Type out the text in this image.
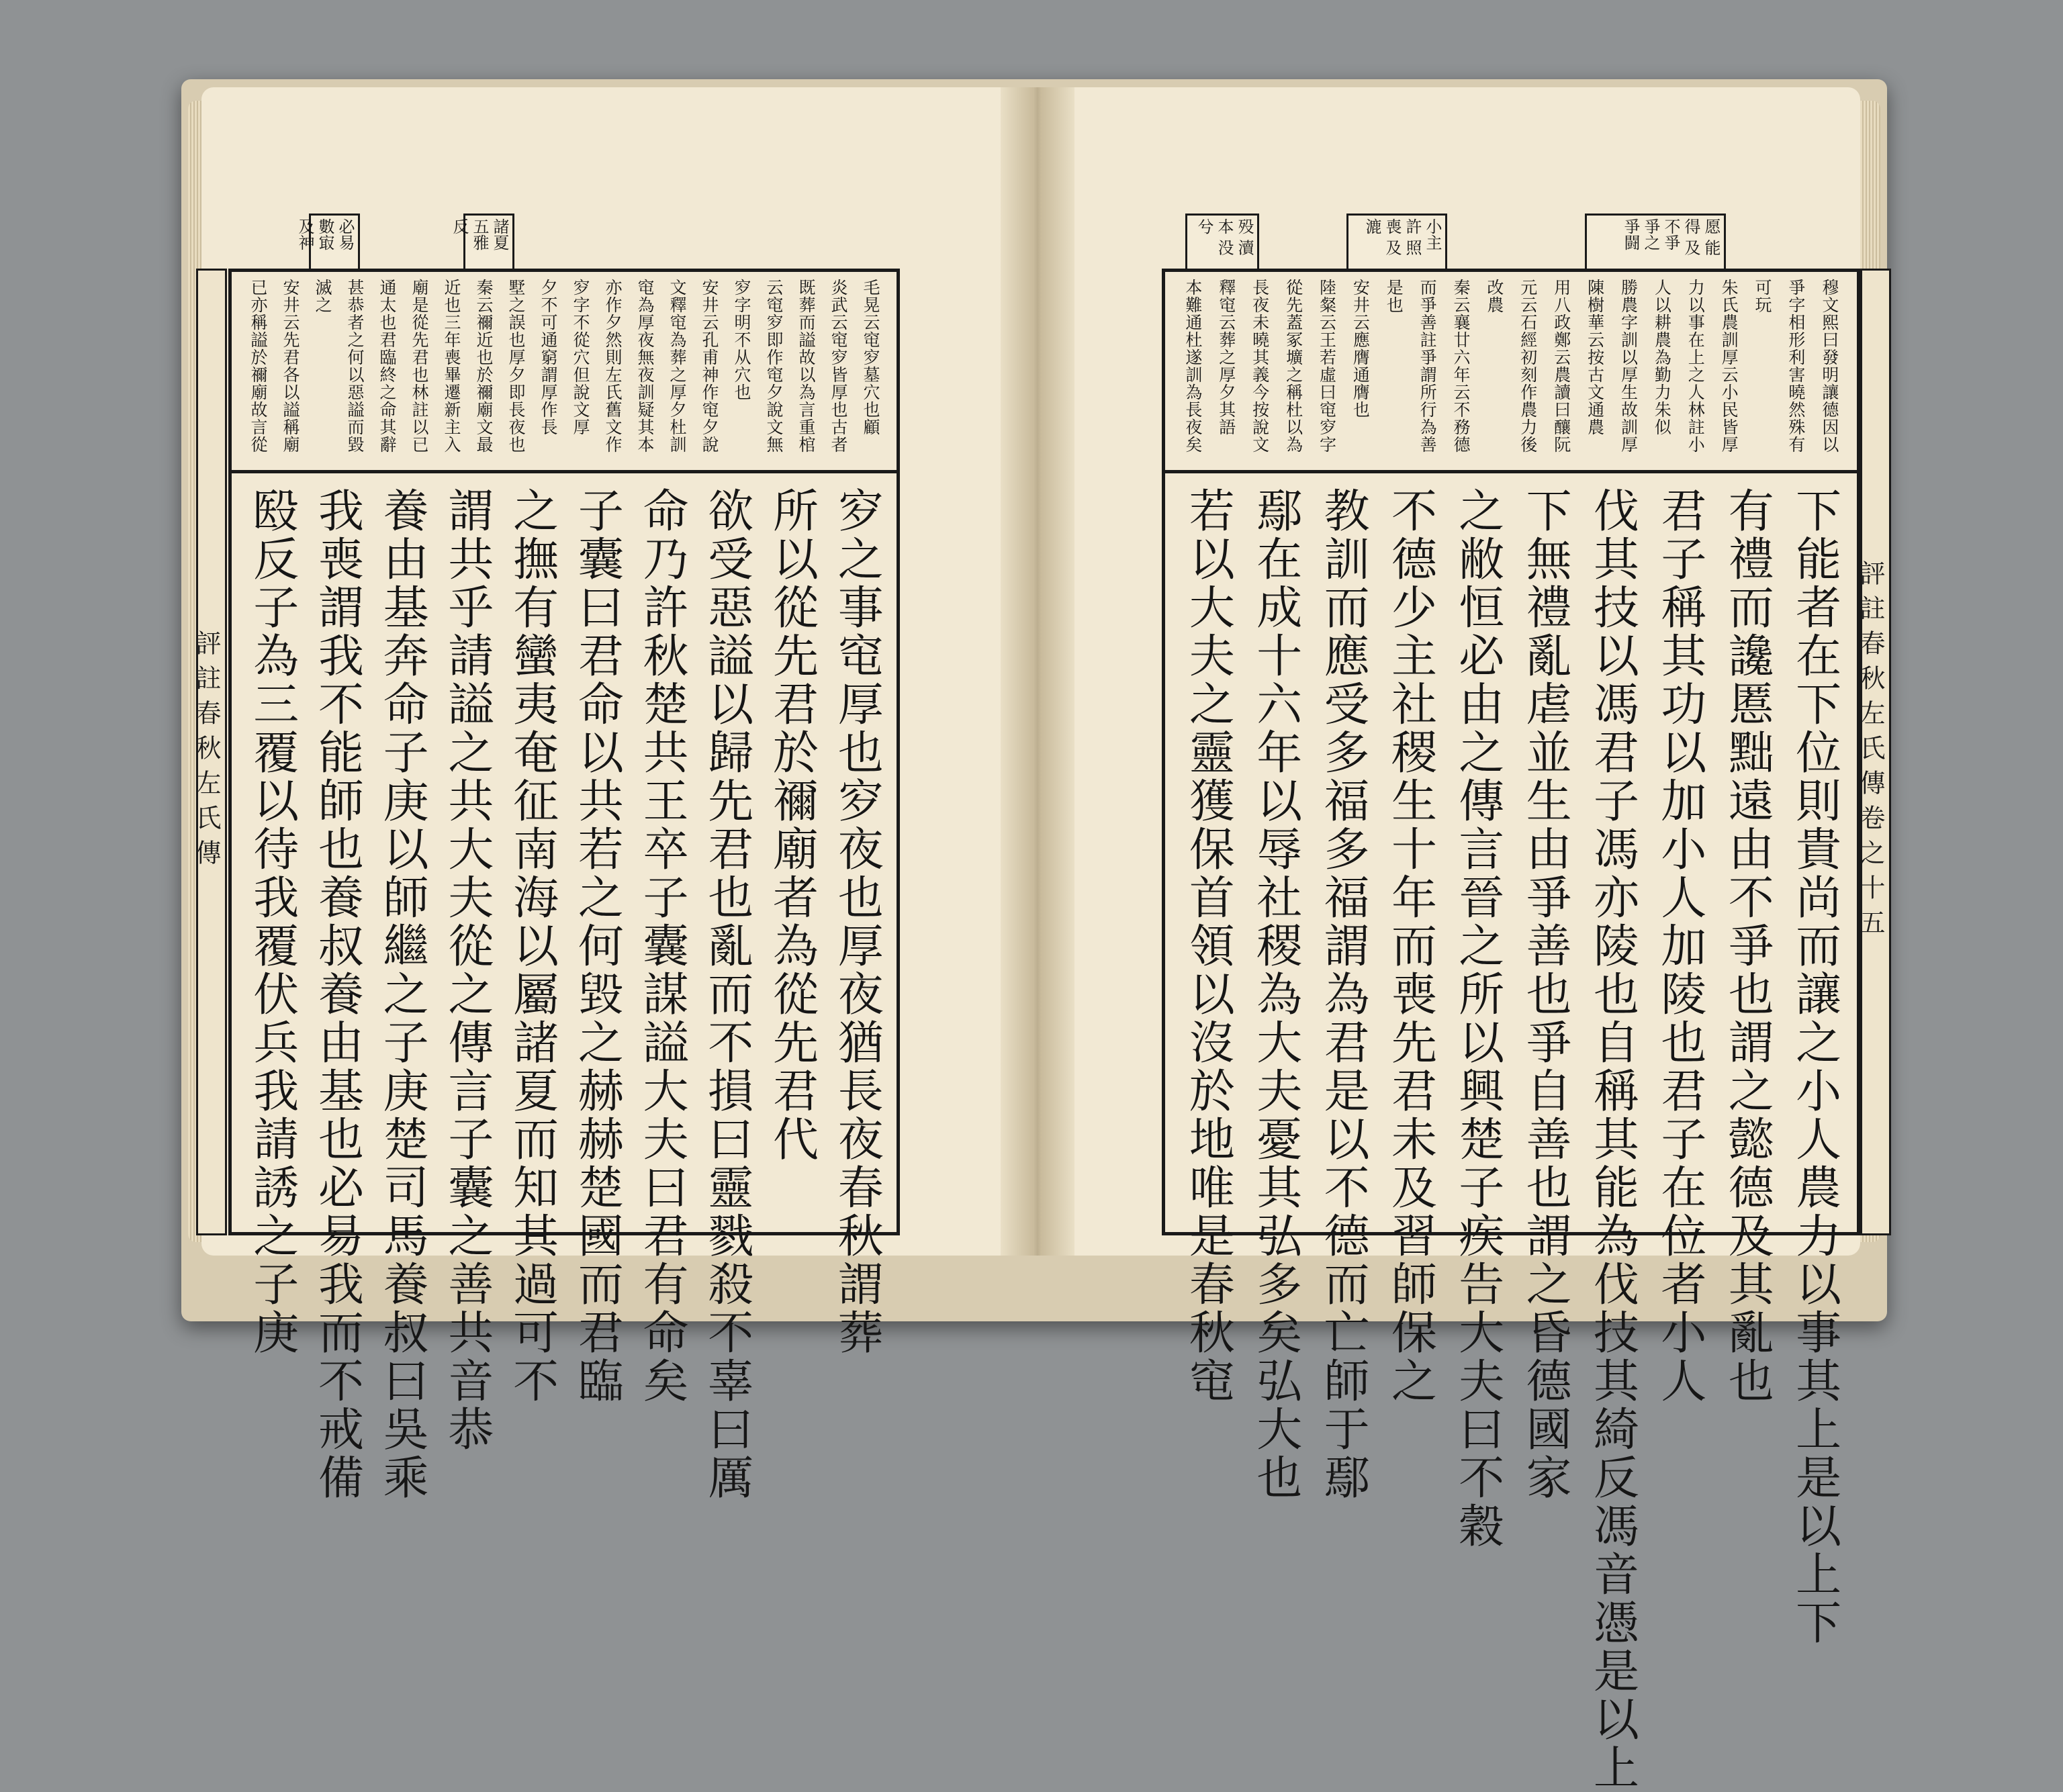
評註春秋左氏傳
諸夏 五雅 反
必易 數㝡 及神
毛晃云窀穸墓穴也顧
炎武云窀穸皆厚也古者
既葬而謚故以為言重棺
云窀穸即作窀夕說文無
穸字明不从穴也
安井云孔甫神作窀夕說
文釋窀為葬之厚夕杜訓
窀為厚夜無夜訓疑其本
亦作夕然則左氏舊文作
穸字不從穴但說文厚
夕不可通窮謂厚作長
墅之誤也厚夕即長夜也
秦云禰近也於禰廟文最
近也三年喪畢遷新主入
廟是從先君也林註以已
通太也君臨終之命其辭
甚恭者之何以惡謚而毀
滅之
安井云先君各以謚稱廟
已亦稱謚於禰廟故言從
穸之事窀厚也穸夜也厚夜猶長夜春秋謂葬
所以從先君於禰廟者為從先君代
欲受惡謚以歸先君也亂而不損曰靈戮殺不辜曰厲
命乃許秋楚共王卒子囊謀謚大夫曰君有命矣
子囊曰君命以共若之何毀之赫赫楚國而君臨
之撫有蠻夷奄征南海以屬諸夏而知其過可不
謂共乎請謚之共大夫從之傳言子囊之善共音恭
養由基奔命子庚以師繼之子庚楚司馬養叔曰吳乘
我喪謂我不能師也養叔養由基也必易我而不戒備
殹反子為三覆以待我覆伏兵我請誘之子庚	評註春秋左氏傳卷之十五
愿 能得 及 不爭 爭之 爭闘
小主 許 照 喪 及 漉
殁 瀆 本 没兮
穆文熙曰發明讓德因以
爭字相形利害曉然殊有
可玩
朱氏農訓厚云小民皆厚
力以事在上之人林註小
人以耕農為勤力朱似
勝農字訓以厚生故訓厚
陳樹華云按古文通農
用八政鄭云農讀曰釀阮
元云石經初刻作農力後
改農
秦云襄廿六年云不務德
而爭善註爭謂所行為善
是也
安井云應膺通膺也
陸粲云王若虛曰窀穸字
從先蓋冢壙之稱杜以為
長夜未曉其義今按說文
釋窀云葬之厚夕其語
本難通杜遂訓為長夜矣
下能者在下位則貴尚而讓之小人農力以事其上是以上下
有禮而讒慝黜遠由不爭也謂之懿德及其亂也
君子稱其功以加小人加陵也君子在位者小人
伐其技以馮君子馮亦陵也自稱其能為伐技其綺反馮音憑是以上
下無禮亂虐並生由爭善也爭自善也謂之昏德國家
之敝恒必由之傳言晉之所以興楚子疾告大夫曰不穀
不德少主社稷生十年而喪先君未及習師保之
教訓而應受多福多福謂為君是以不德而亡師于鄢
鄢在成十六年以辱社稷為大夫憂其弘多矣弘大也
若以大夫之靈獲保首領以沒於地唯是春秋窀
